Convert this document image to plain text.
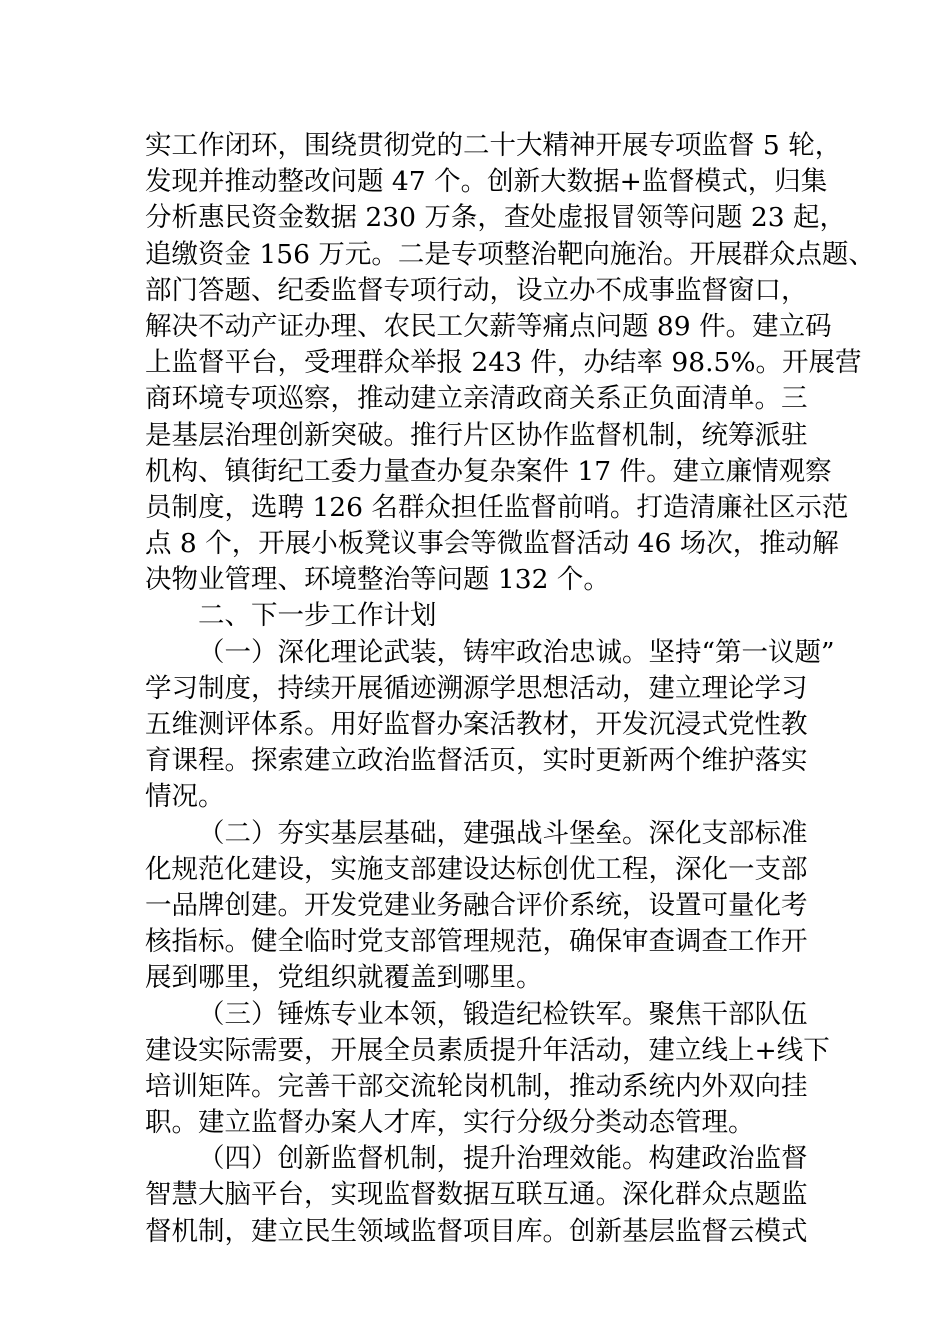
实工作闭环，围绕贯彻党的二十大精神开展专项监督 5 轮，
发现并推动整改问题 47 个。创新大数据+监督模式，归集
分析惠民资金数据 230 万条，查处虚报冒领等问题 23 起，
追缴资金 156 万元。二是专项整治靶向施治。开展群众点题、
部门答题、纪委监督专项行动，设立办不成事监督窗口，
解决不动产证办理、农民工欠薪等痛点问题 89 件。建立码
上监督平台，受理群众举报 243 件，办结率 98.5%。开展营
商环境专项巡察，推动建立亲清政商关系正负面清单。三
是基层治理创新突破。推行片区协作监督机制，统筹派驻
机构、镇街纪工委力量查办复杂案件 17 件。建立廉情观察
员制度，选聘 126 名群众担任监督前哨。打造清廉社区示范
点 8 个，开展小板凳议事会等微监督活动 46 场次，推动解
决物业管理、环境整治等问题 132 个。
二、下一步工作计划
（一）深化理论武装，铸牢政治忠诚。坚持“第一议题”
学习制度，持续开展循迹溯源学思想活动，建立理论学习
五维测评体系。用好监督办案活教材，开发沉浸式党性教
育课程。探索建立政治监督活页，实时更新两个维护落实
情况。
（二）夯实基层基础，建强战斗堡垒。深化支部标准
化规范化建设，实施支部建设达标创优工程，深化一支部
一品牌创建。开发党建业务融合评价系统，设置可量化考
核指标。健全临时党支部管理规范，确保审查调查工作开
展到哪里，党组织就覆盖到哪里。
（三）锤炼专业本领，锻造纪检铁军。聚焦干部队伍
建设实际需要，开展全员素质提升年活动，建立线上+线下
培训矩阵。完善干部交流轮岗机制，推动系统内外双向挂
职。建立监督办案人才库，实行分级分类动态管理。
（四）创新监督机制，提升治理效能。构建政治监督
智慧大脑平台，实现监督数据互联互通。深化群众点题监
督机制，建立民生领域监督项目库。创新基层监督云模式
